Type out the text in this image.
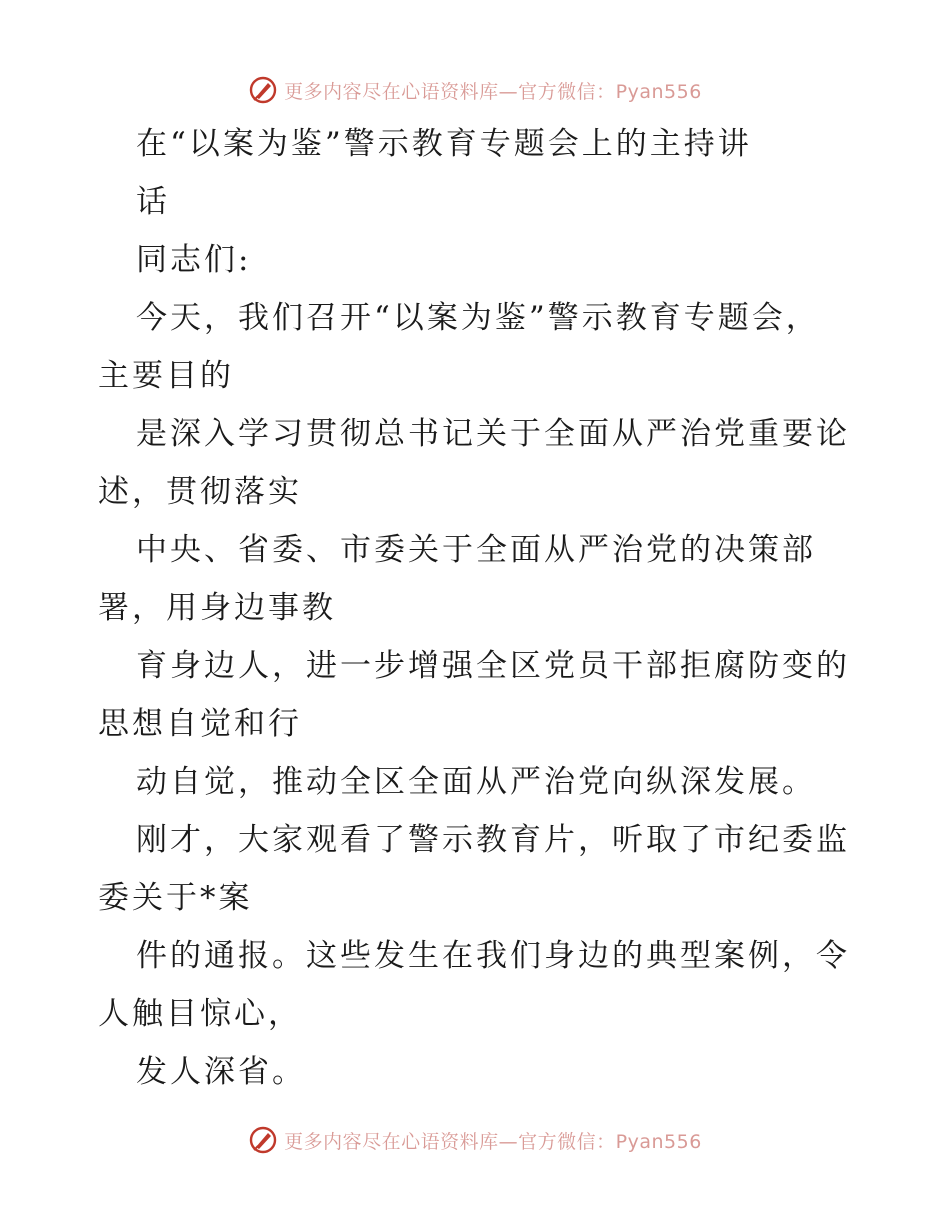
更多内容尽在心语资料库—官方微信：Pyan556
在“以案为鉴”警示教育专题会上的主持讲
话
同志们:
今天，我们召开“以案为鉴”警示教育专题会，
主要目的
是深入学习贯彻总书记关于全面从严治党重要论
述，贯彻落实
中央、省委、市委关于全面从严治党的决策部
署，用身边事教
育身边人，进一步增强全区党员干部拒腐防变的
思想自觉和行
动自觉，推动全区全面从严治党向纵深发展。
刚才，大家观看了警示教育片，听取了市纪委监
委关于*案
件的通报。这些发生在我们身边的典型案例，令
人触目惊心，
发人深省。
更多内容尽在心语资料库—官方微信：Pyan556
